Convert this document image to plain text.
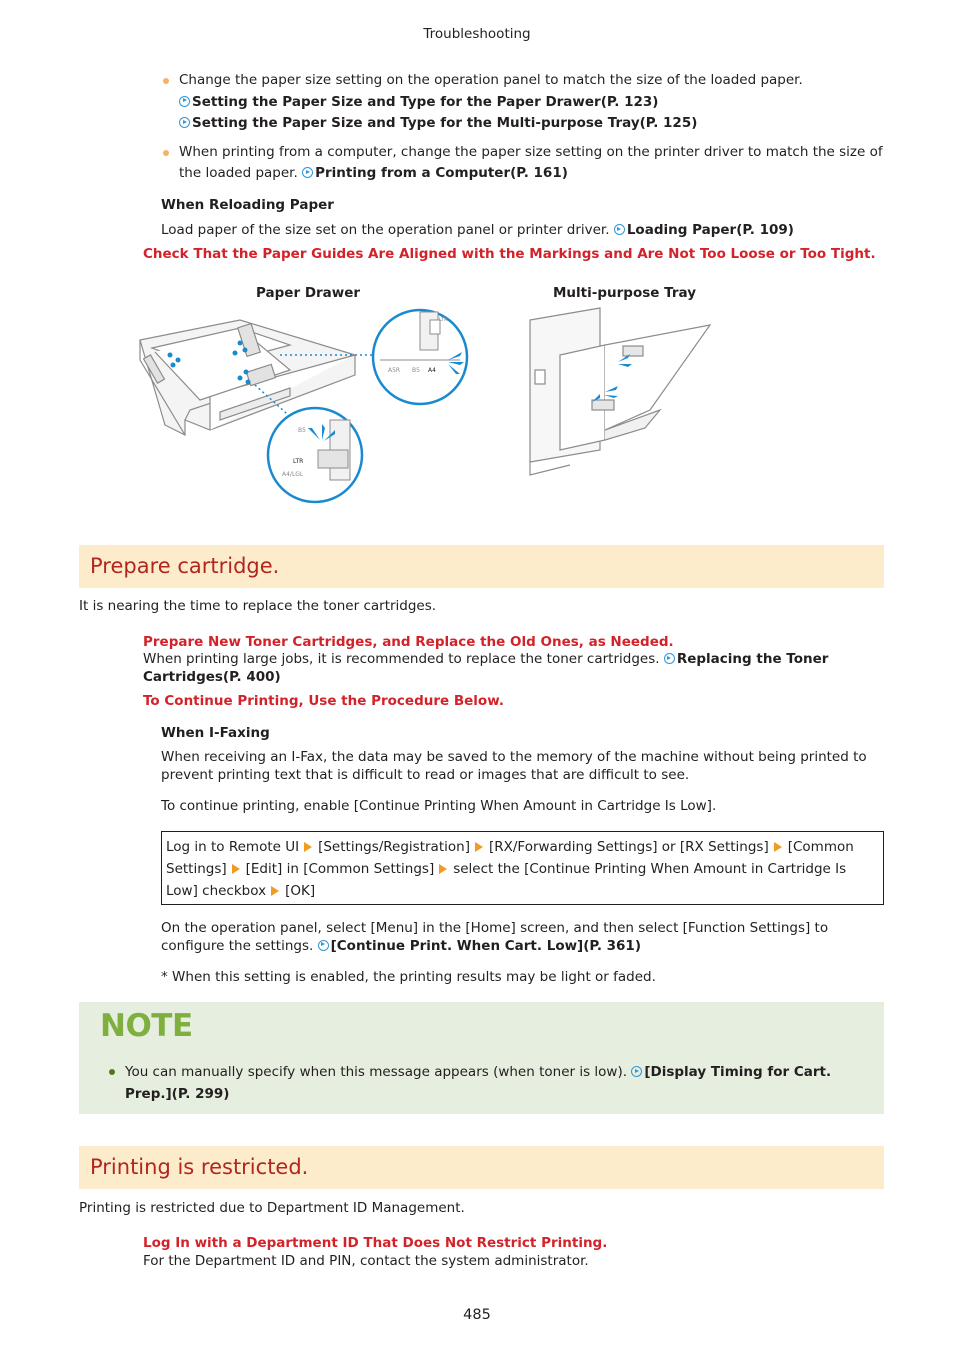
Troubleshooting
Change the paper size setting on the operation panel to match the size of the loaded paper.
Setting the Paper Size and Type for the Paper Drawer(P. 123)
Setting the Paper Size and Type for the Multi-purpose Tray(P. 125)
When printing from a computer, change the paper size setting on the printer driver to match the size of the loaded paper. Printing from a Computer(P. 161)
When Reloading Paper
Load paper of the size set on the operation panel or printer driver. Loading Paper(P. 109)
Check That the Paper Guides Are Aligned with the Markings and Are Not Too Loose or Too Tight.
Paper Drawer	Multi-purpose Tray
A5R B5 A4
LTR
B5
LTR
A4/LGL
Prepare cartridge.
It is nearing the time to replace the toner cartridges.
Prepare New Toner Cartridges, and Replace the Old Ones, as Needed.
When printing large jobs, it is recommended to replace the toner cartridges. Replacing the Toner Cartridges(P. 400)
To Continue Printing, Use the Procedure Below.
When I-Faxing
When receiving an I-Fax, the data may be saved to the memory of the machine without being printed to prevent printing text that is difficult to read or images that are difficult to see.
To continue printing, enable [Continue Printing When Amount in Cartridge Is Low].
Log in to Remote UI [Settings/Registration] [RX/Forwarding Settings] or [RX Settings] [Common Settings] [Edit] in [Common Settings] select the [Continue Printing When Amount in Cartridge Is Low] checkbox [OK]
On the operation panel, select [Menu] in the [Home] screen, and then select [Function Settings] to configure the settings. [Continue Print. When Cart. Low](P. 361)
* When this setting is enabled, the printing results may be light or faded.
NOTE
You can manually specify when this message appears (when toner is low). [Display Timing for Cart. Prep.](P. 299)
Printing is restricted.
Printing is restricted due to Department ID Management.
Log In with a Department ID That Does Not Restrict Printing.
For the Department ID and PIN, contact the system administrator.
485
